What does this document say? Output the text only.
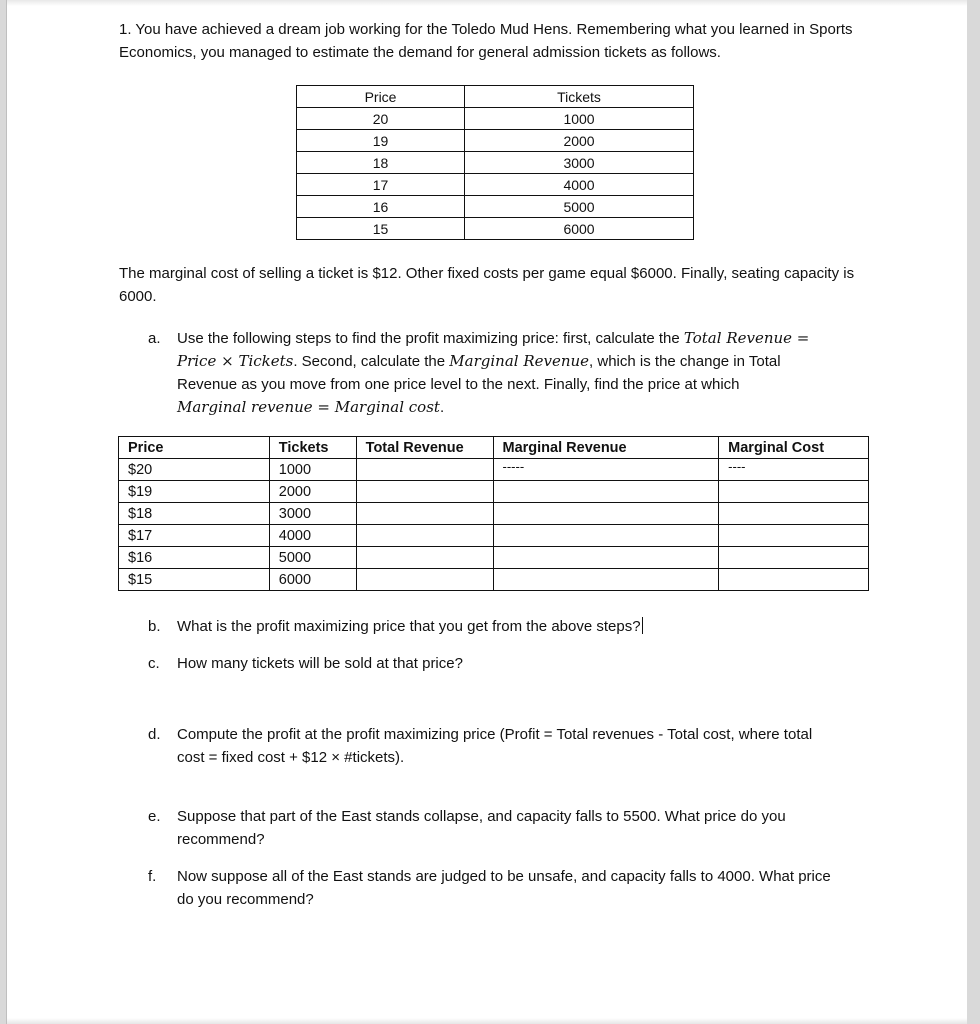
1. You have achieved a dream job working for the Toledo Mud Hens. Remembering what you learned in Sports Economics, you managed to estimate the demand for general admission tickets as follows.
Price	Tickets
20	1000
19	2000
18	3000
17	4000
16	5000
15	6000
The marginal cost of selling a ticket is $12. Other fixed costs per game equal $6000. Finally, seating capacity is 6000.
a.	Use the following steps to find the profit maximizing price: first, calculate the Total Revenue =
Price × Tickets. Second, calculate the Marginal Revenue, which is the change in Total
Revenue as you move from one price level to the next. Finally, find the price at which
Marginal revenue = Marginal cost.
Price	Tickets	Total Revenue	Marginal Revenue	Marginal Cost
$20	1000		-----	----
$19	2000			
$18	3000			
$17	4000			
$16	5000			
$15	6000			
b.	What is the profit maximizing price that you get from the above steps?
c.	How many tickets will be sold at that price?
d.	Compute the profit at the profit maximizing price (Profit = Total revenues - Total cost, where total
cost = fixed cost + $12 × #tickets).
e.	Suppose that part of the East stands collapse, and capacity falls to 5500. What price do you
recommend?
f.	Now suppose all of the East stands are judged to be unsafe, and capacity falls to 4000. What price
do you recommend?
